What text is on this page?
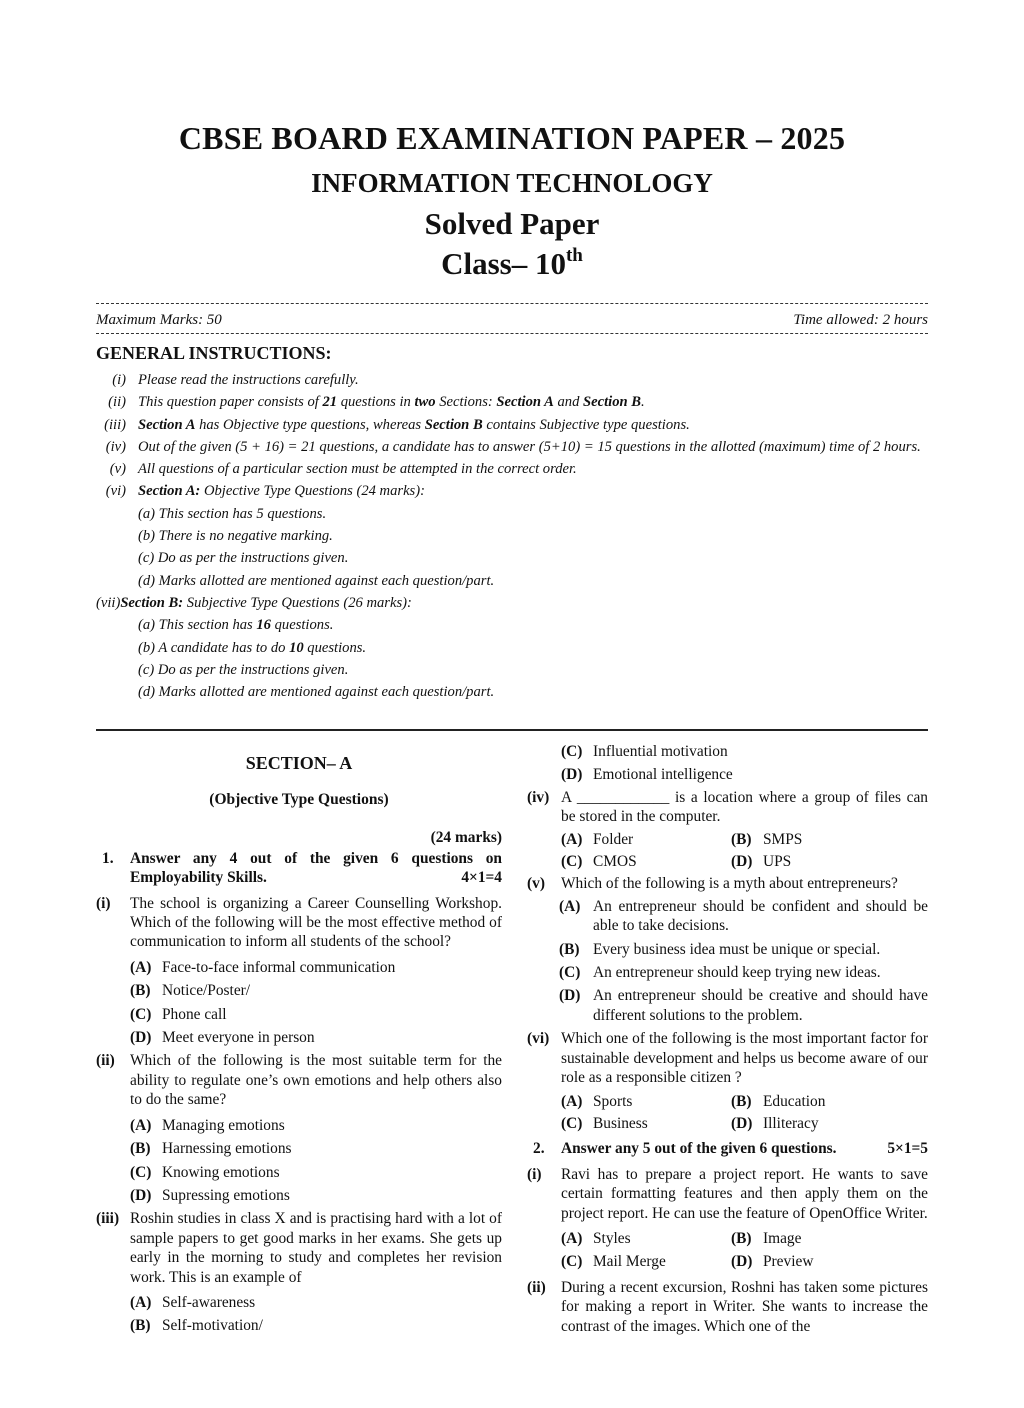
CBSE BOARD EXAMINATION PAPER – 2025
INFORMATION TECHNOLOGY
Solved Paper
Class– 10th
Maximum Marks: 50	Time allowed: 2 hours
GENERAL INSTRUCTIONS:
(i) Please read the instructions carefully.
(ii) This question paper consists of 21 questions in two Sections: Section A and Section B.
(iii) Section A has Objective type questions, whereas Section B contains Subjective type questions.
(iv) Out of the given (5 + 16) = 21 questions, a candidate has to answer (5+10) = 15 questions in the allotted (maximum) time of 2 hours.
(v) All questions of a particular section must be attempted in the correct order.
(vi) Section A: Objective Type Questions (24 marks):
(a) This section has 5 questions.
(b) There is no negative marking.
(c) Do as per the instructions given.
(d) Marks allotted are mentioned against each question/part.
(vii)Section B: Subjective Type Questions (26 marks):
(a) This section has 16 questions.
(b) A candidate has to do 10 questions.
(c) Do as per the instructions given.
(d) Marks allotted are mentioned against each question/part.
SECTION– A
(Objective Type Questions)
(24 marks)
1. Answer any 4 out of the given 6 questions on Employability Skills.	4×1=4
(i) The school is organizing a Career Counselling Workshop. Which of the following will be the most effective method of communication to inform all students of the school?
(A) Face-to-face informal communication
(B) Notice/Poster/
(C) Phone call
(D) Meet everyone in person
(ii) Which of the following is the most suitable term for the ability to regulate one’s own emotions and help others also to do the same?
(A) Managing emotions
(B) Harnessing emotions
(C) Knowing emotions
(D) Supressing emotions
(iii) Roshin studies in class X and is practising hard with a lot of sample papers to get good marks in her exams. She gets up early in the morning to study and completes her revision work. This is an example of
(A) Self-awareness
(B) Self-motivation/
(C) Influential motivation
(D) Emotional intelligence
(iv) A ____________ is a location where a group of files can be stored in the computer.
(A) Folder	(B) SMPS
(C) CMOS	(D) UPS
(v) Which of the following is a myth about entrepreneurs?
(A) An entrepreneur should be confident and should be able to take decisions.
(B) Every business idea must be unique or special.
(C) An entrepreneur should keep trying new ideas.
(D) An entrepreneur should be creative and should have different solutions to the problem.
(vi) Which one of the following is the most important factor for sustainable development and helps us become aware of our role as a responsible citizen ?
(A) Sports	(B) Education
(C) Business	(D) Illiteracy
2. Answer any 5 out of the given 6 questions.	5×1=5
(i) Ravi has to prepare a project report. He wants to save certain formatting features and then apply them on the project report. He can use the feature of OpenOffice Writer.
(A) Styles	(B) Image
(C) Mail Merge	(D) Preview
(ii) During a recent excursion, Roshni has taken some pictures for making a report in Writer. She wants to increase the contrast of the images. Which one of the
